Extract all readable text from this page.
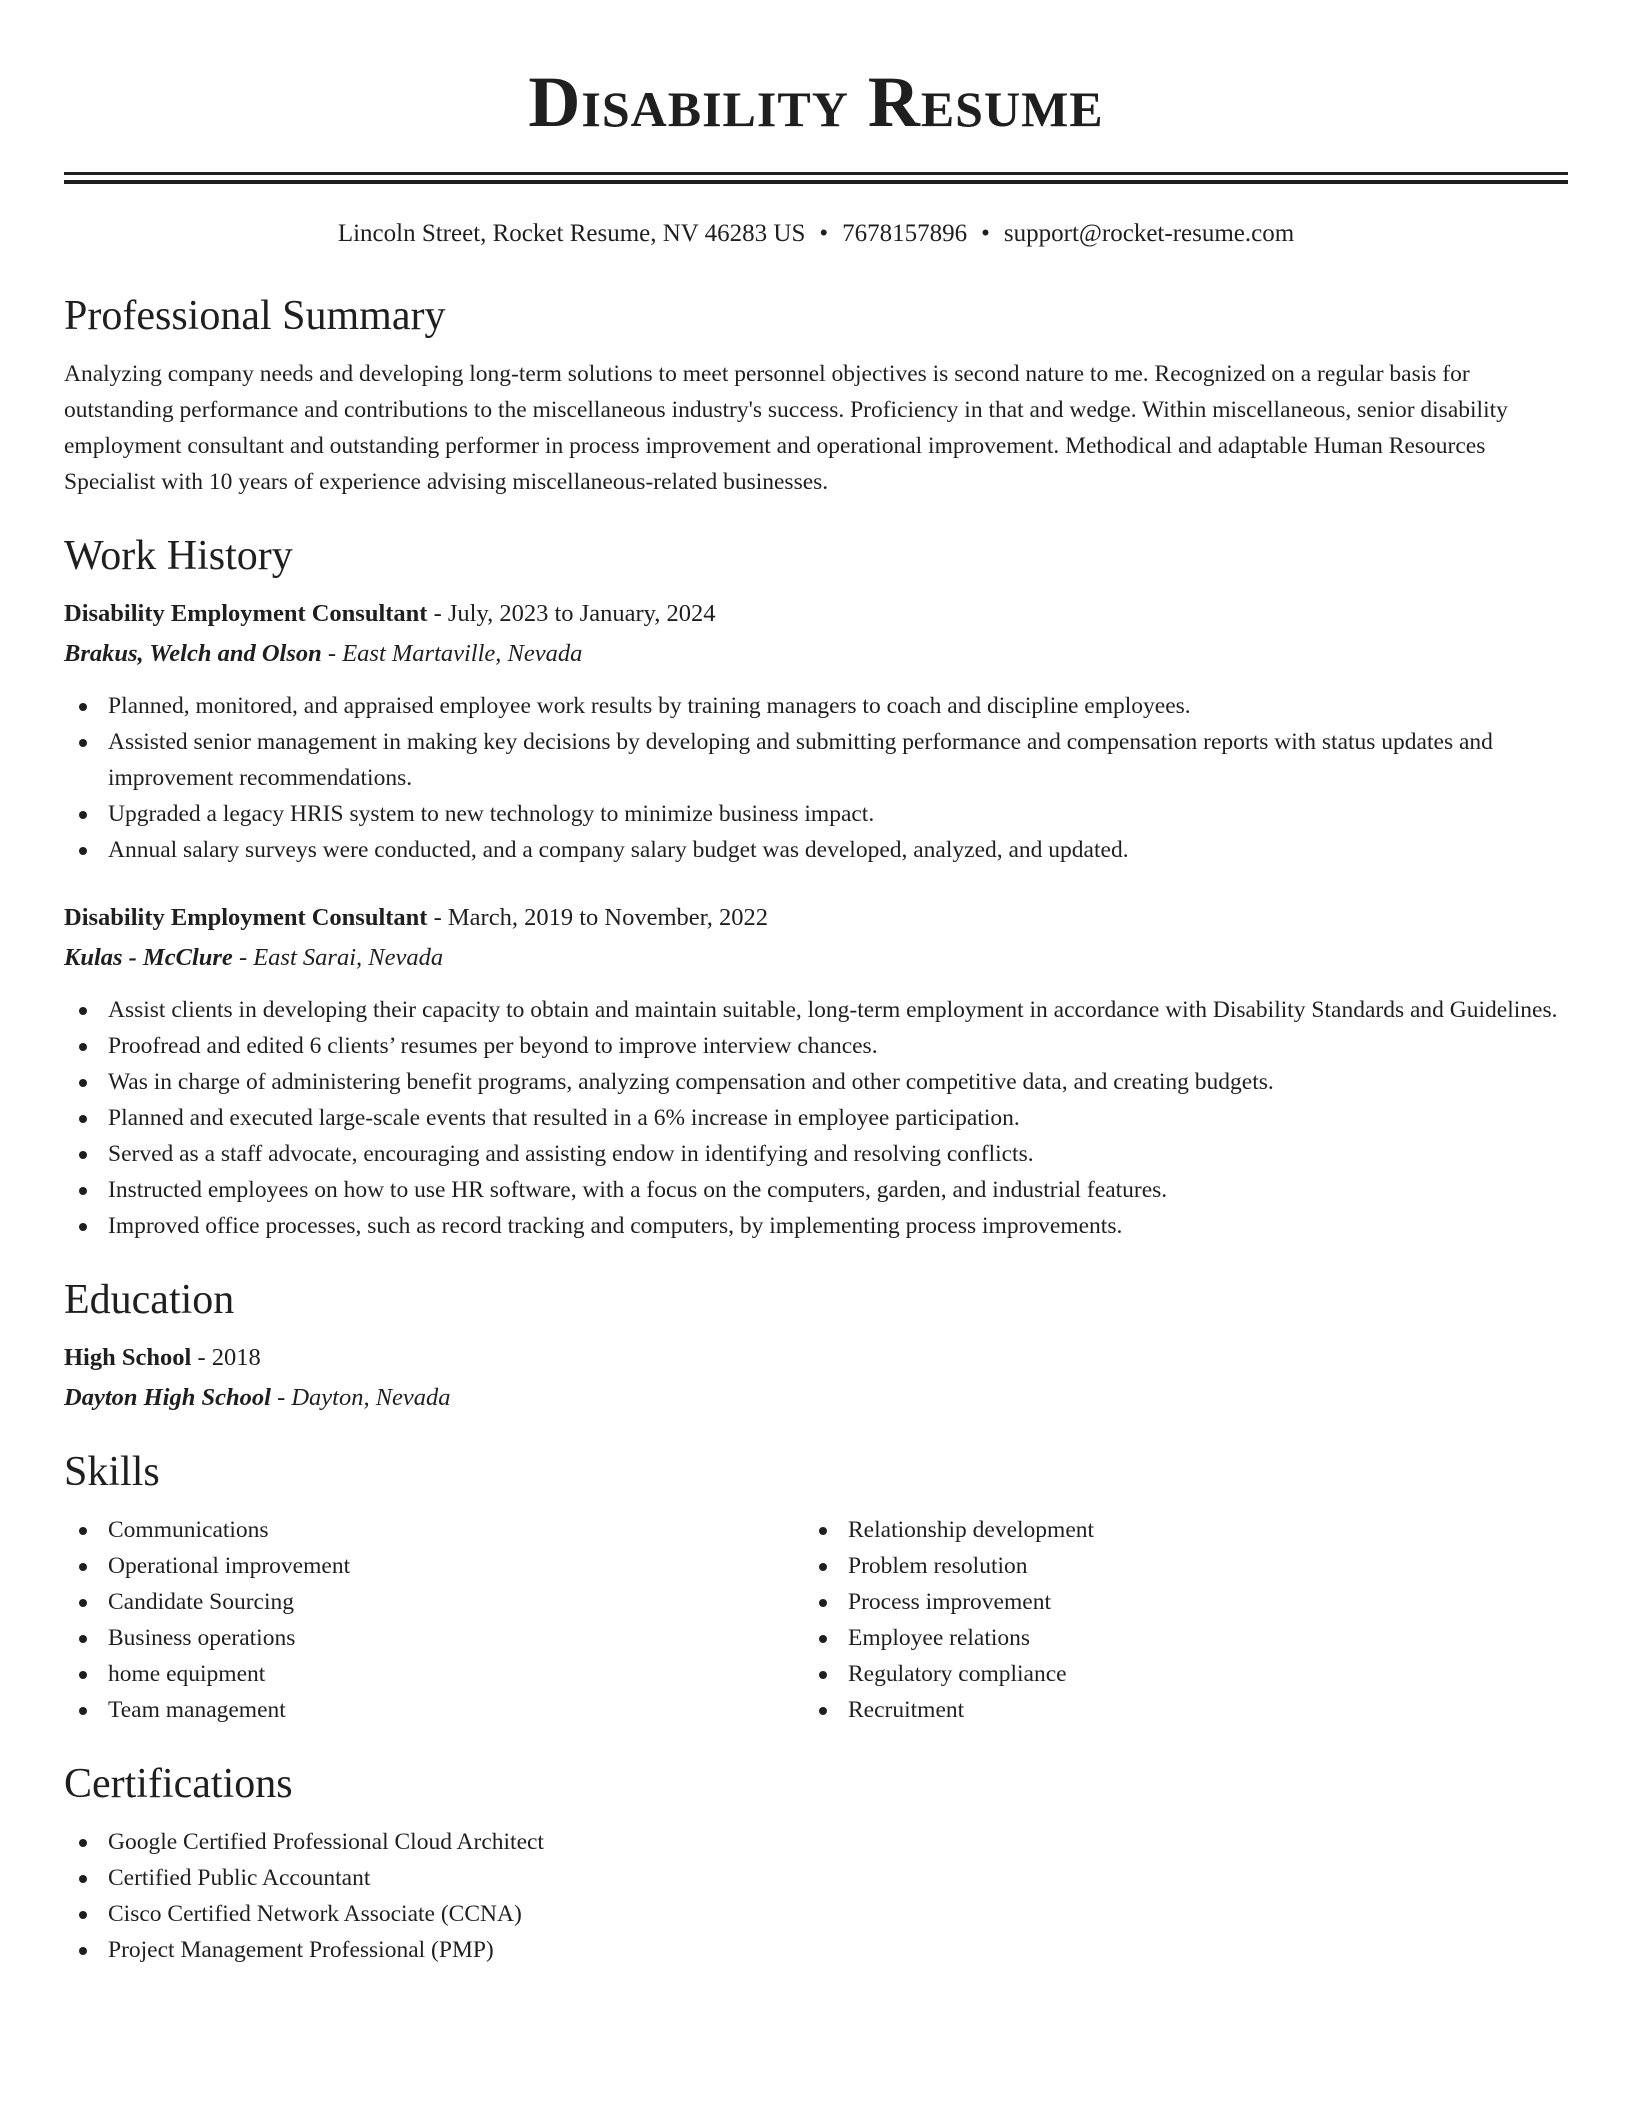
Disability Resume
Lincoln Street, Rocket Resume, NV 46283 US • 7678157896 • support@rocket-resume.com
Professional Summary
Analyzing company needs and developing long-term solutions to meet personnel objectives is second nature to me. Recognized on a regular basis for outstanding performance and contributions to the miscellaneous industry's success. Proficiency in that and wedge. Within miscellaneous, senior disability employment consultant and outstanding performer in process improvement and operational improvement. Methodical and adaptable Human Resources Specialist with 10 years of experience advising miscellaneous-related businesses.
Work History
Disability Employment Consultant - July, 2023 to January, 2024
Brakus, Welch and Olson - East Martaville, Nevada
Planned, monitored, and appraised employee work results by training managers to coach and discipline employees.
Assisted senior management in making key decisions by developing and submitting performance and compensation reports with status updates and improvement recommendations.
Upgraded a legacy HRIS system to new technology to minimize business impact.
Annual salary surveys were conducted, and a company salary budget was developed, analyzed, and updated.
Disability Employment Consultant - March, 2019 to November, 2022
Kulas - McClure - East Sarai, Nevada
Assist clients in developing their capacity to obtain and maintain suitable, long-term employment in accordance with Disability Standards and Guidelines.
Proofread and edited 6 clients’ resumes per beyond to improve interview chances.
Was in charge of administering benefit programs, analyzing compensation and other competitive data, and creating budgets.
Planned and executed large-scale events that resulted in a 6% increase in employee participation.
Served as a staff advocate, encouraging and assisting endow in identifying and resolving conflicts.
Instructed employees on how to use HR software, with a focus on the computers, garden, and industrial features.
Improved office processes, such as record tracking and computers, by implementing process improvements.
Education
High School - 2018
Dayton High School - Dayton, Nevada
Skills
Communications
Operational improvement
Candidate Sourcing
Business operations
home equipment
Team management
Relationship development
Problem resolution
Process improvement
Employee relations
Regulatory compliance
Recruitment
Certifications
Google Certified Professional Cloud Architect
Certified Public Accountant
Cisco Certified Network Associate (CCNA)
Project Management Professional (PMP)
